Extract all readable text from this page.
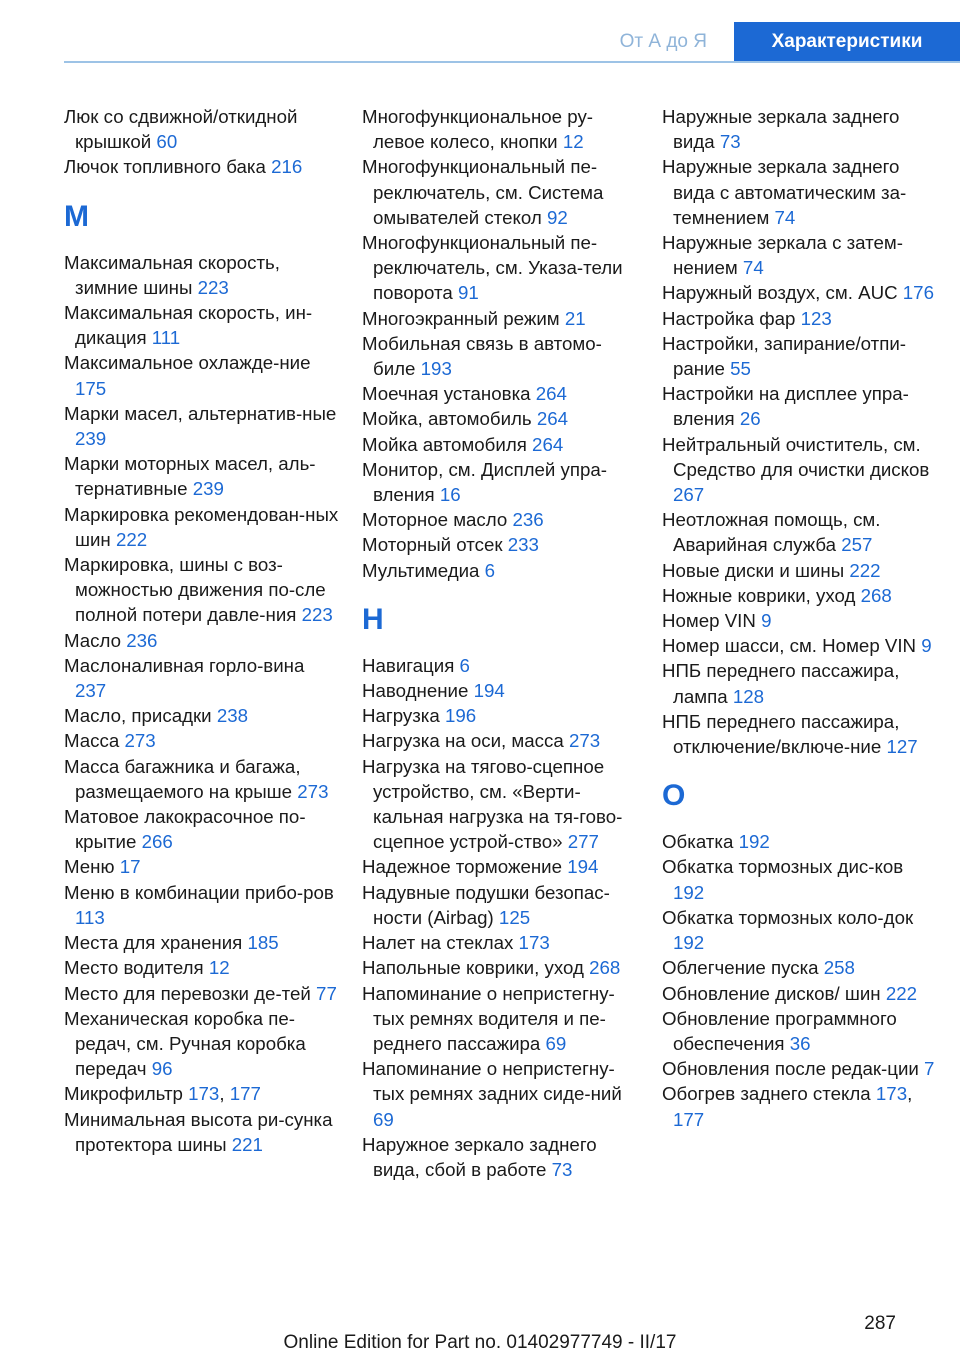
От А до Я	Характеристики

Люк со сдвижной/откидной крышкой 60

Лючок топливного бака 216

М

Максимальная скорость, зимние шины 223

Максимальная скорость, ин‐дикация 111

Максимальное охлажде‐ние 175

Марки масел, альтернатив‐ные 239

Марки моторных масел, аль‐тернативные 239

Маркировка рекомендован‐ных шин 222

Маркировка, шины с воз‐можностью движения по‐сле полной потери давле‐ния 223

Масло 236

Маслоналивная горло‐вина 237

Масло, присадки 238

Масса 273

Масса багажника и багажа, размещаемого на крыше 273

Матовое лакокрасочное по‐крытие 266

Меню 17

Меню в комбинации прибо‐ров 113

Места для хранения 185

Место водителя 12

Место для перевозки де‐тей 77

Механическая коробка пе‐редач, см. Ручная коробка передач 96

Микрофильтр 173, 177

Минимальная высота ри‐сунка протектора шины 221

Многофункциональное ру‐левое колесо, кнопки 12

Многофункциональный пе‐реключатель, см. Система омывателей стекол 92

Многофункциональный пе‐реключатель, см. Указа‐тели поворота 91

Многоэкранный режим 21

Мобильная связь в автомо‐биле 193

Моечная установка 264

Мойка, автомобиль 264

Мойка автомобиля 264

Монитор, см. Дисплей упра‐вления 16

Моторное масло 236

Моторный отсек 233

Мультимедиа 6

Н

Навигация 6

Наводнение 194

Нагрузка 196

Нагрузка на оси, масса 273

Нагрузка на тягово-сцепное устройство, см. «Верти‐кальная нагрузка на тя‐гово-сцепное устрой‐ство» 277

Надежное торможение 194

Надувные подушки безопас‐ности (Airbag) 125

Налет на стеклах 173

Напольные коврики, уход 268

Напоминание о непристегну‐тых ремнях водителя и пе‐реднего пассажира 69

Напоминание о непристегну‐тых ремнях задних сиде‐ний 69

Наружное зеркало заднего вида, сбой в работе 73

Наружные зеркала заднего вида 73

Наружные зеркала заднего вида с автоматическим за‐темнением 74

Наружные зеркала с затем‐нением 74

Наружный воздух, см. AUC 176

Настройка фар 123

Настройки, запирание/отпи‐рание 55

Настройки на дисплее упра‐вления 26

Нейтральный очиститель, см. Средство для очистки дисков 267

Неотложная помощь, см. Аварийная служба 257

Новые диски и шины 222

Ножные коврики, уход 268

Номер VIN 9

Номер шасси, см. Номер VIN 9

НПБ переднего пассажира, лампа 128

НПБ переднего пассажира, отключение/включе‐ние 127

О

Обкатка 192

Обкатка тормозных дис‐ков 192

Обкатка тормозных коло‐док 192

Облегчение пуска 258

Обновление дисков/ шин 222

Обновление программного обеспечения 36

Обновления после редак‐ции 7

Обогрев заднего стекла 173, 177

287
Online Edition for Part no. 01402977749 - II/17
